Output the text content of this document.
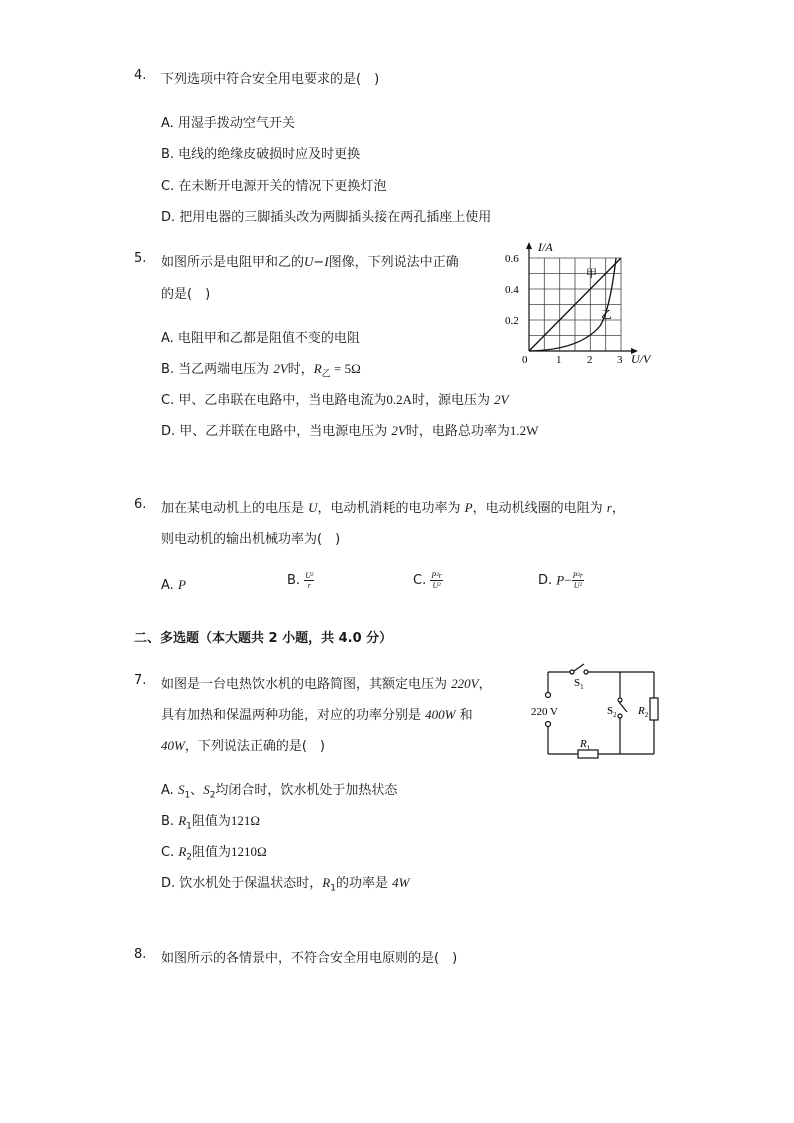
4. 下列选项中符合安全用电要求的是(　)
A. 用湿手拨动空气开关
B. 电线的绝缘皮破损时应及时更换
C. 在未断开电源开关的情况下更换灯泡
D. 把用电器的三脚插头改为两脚插头接在两孔插座上使用
5. 如图所示是电阻甲和乙的U−I图像，下列说法中正确
的是(　)
A. 电阻甲和乙都是阻值不变的电阻
B. 当乙两端电压为 2V时，$R_乙 = 5\Omega$
C. 甲、乙串联在电路中，当电路电流为0.2A时，源电压为 2V
D. 甲、乙并联在电路中，当电源电压为 2V时，电路总功率为1.2W
I/A
U/V
0.6
0.4
0.2
0	1 2 3
甲
乙
6. 加在某电动机上的电压是 U，电动机消耗的电功率为 P，电动机线圈的电阻为 r，
则电动机的输出机械功率为(　)
A. P	B. $\frac{\text{U²}}{r}$	C. $\frac{\text{P²r}}{\text{U²}}$	D. $P- \frac{\text{P²r}}{\text{U²}}$
二、多选题（本大题共 2 小题，共 4.0 分）
7. 如图是一台电热饮水机的电路简图，其额定电压为 220V，
具有加热和保温两种功能，对应的功率分别是 400W 和
40W，下列说法正确的是(　)
A. $S_1$、$S_2$均闭合时，饮水机处于加热状态
B. $R_1$阻值为121Ω
C. $R_2$阻值为1210Ω
D. 饮水机处于保温状态时，$R_1$的功率是 4W
220 V
$S_1$
$S_2$
$R_1$
$R_2$
8. 如图所示的各情景中，不符合安全用电原则的是(　)
